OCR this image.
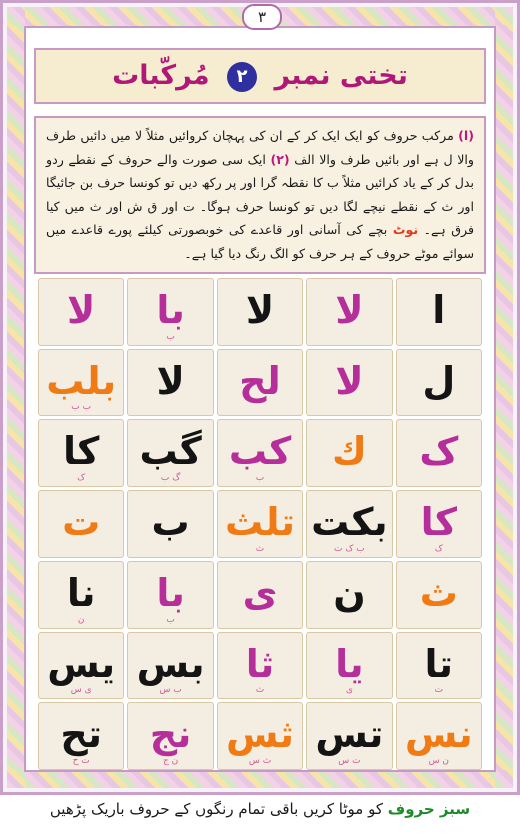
٣
تختی نمبر ۲ مُرکّبات
(ا) مرکب حروف کو ایک ایک کر کے ان کی پہچان کروائیں مثلاً لا میں دائیں طرف والا ل ہے اور بائیں طرف والا الف (۲) ایک سی صورت والے حروف کے نقطے ردو بدل کر کے یاد کرائیں مثلاً ب کا نقطہ گرا اور پر رکھ دیں تو کونسا حرف بن جائیگا اور ث کے نقطے نیچے لگا دیں تو کونسا حرف ہوگا۔ ت اور ق ش اور ث میں کیا فرق ہے۔ نوٹ بچے کی آسانی اور قاعدے کی خوبصورتی کیلئے پورے قاعدے میں سوائے موٹے حروف کے ہر حرف کو الگ رنگ دیا گیا ہے۔
ا
لا
لا
با
ب
لا
ل
لا
لح
لا
بلب
ب ب
ک
ك
کب
ب
گب
گ ب
کا
ک
کا
ک
بکت
ب ک ت
تلث
ث
ب
ت
ث
ن
ی
با
ب
نا
ن
تا
ت
یا
ی
ثا
ث
بس
ب س
یس
ی س
نس
ن س
تس
ت س
ثس
ث س
نج
ن ج
تح
ت ح
سبز حروف کو موٹا کریں باقی تمام رنگوں کے حروف باریک پڑھیں
